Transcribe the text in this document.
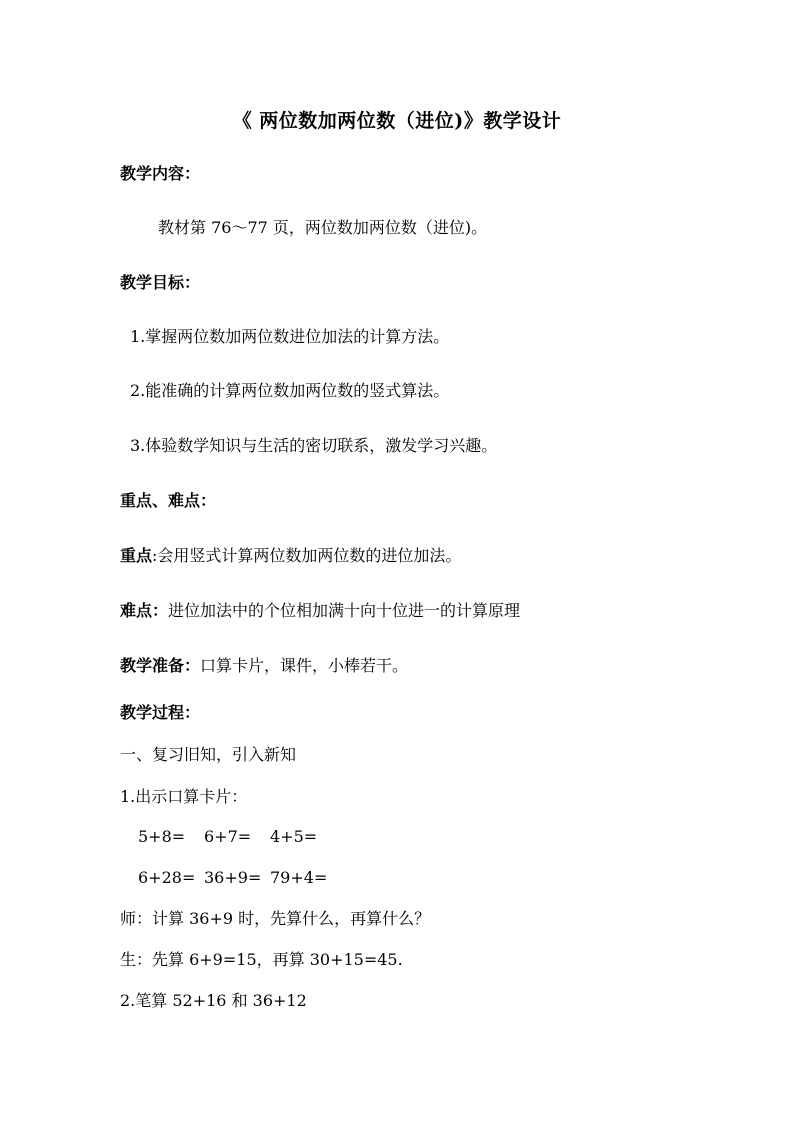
《 两位数加两位数（进位)》教学设计
教学内容：
教材第 76～77 页，两位数加两位数（进位)。
教学目标：
1.掌握两位数加两位数进位加法的计算方法。
2.能准确的计算两位数加两位数的竖式算法。
3.体验数学知识与生活的密切联系，激发学习兴趣。
重点、难点：
重点:会用竖式计算两位数加两位数的进位加法。
难点：进位加法中的个位相加满十向十位进一的计算原理
教学准备：口算卡片，课件，小棒若干。
教学过程：
一、复习旧知，引入新知
1.出示口算卡片：
5+8= 6+7= 4+5=
6+28= 36+9= 79+4=
师：计算 36+9 时，先算什么，再算什么？
生：先算 6+9=15，再算 30+15=45.
2.笔算 52+16 和 36+12
